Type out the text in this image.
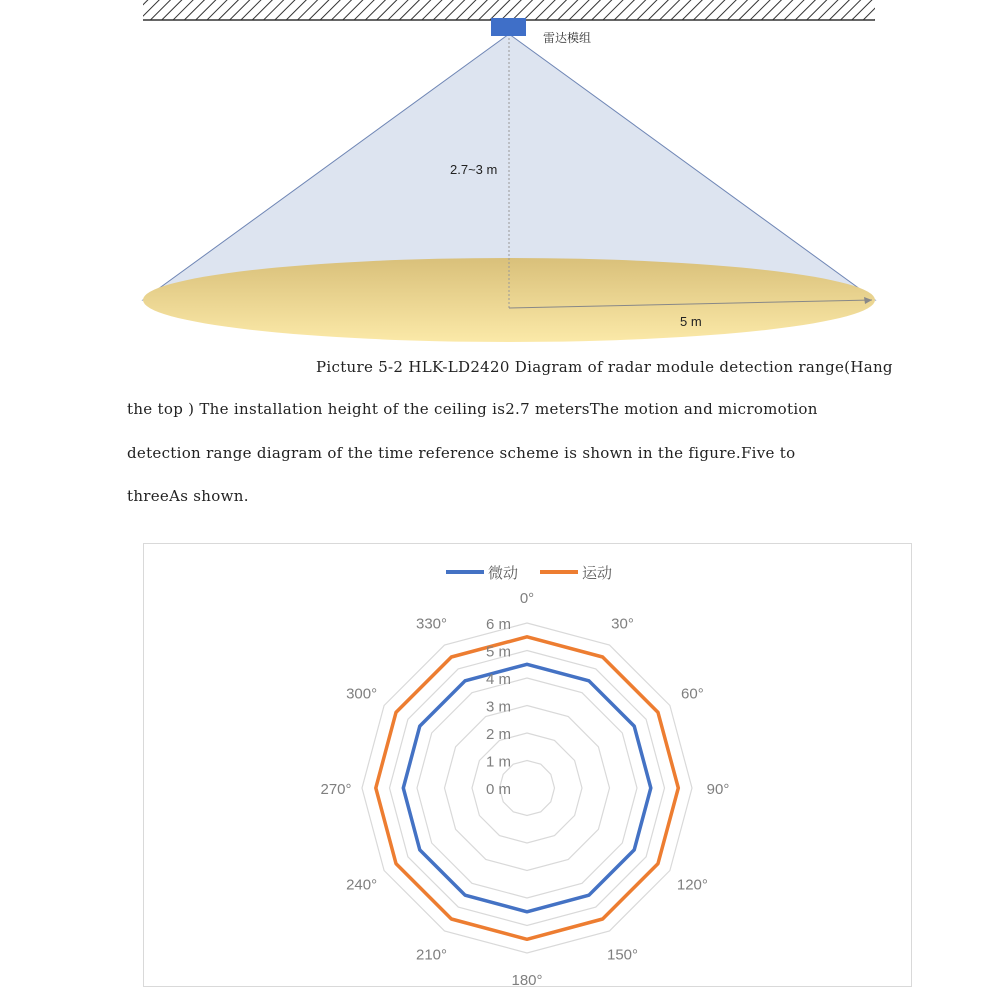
雷达模组
2.7~3 m
5 m

Picture 5-2 HLK-LD2420 Diagram of radar module detection range(Hang

the top ) The installation height of the ceiling is2.7 metersThe motion and micromotion

detection range diagram of the time reference scheme is shown in the figure.Five to

threeAs shown.

微动	运动
0 m
1 m
2 m
3 m
4 m
5 m
6 m
0°
30°
60°
90°
120°
150°
180°
210°
240°
270°
300°
330°
